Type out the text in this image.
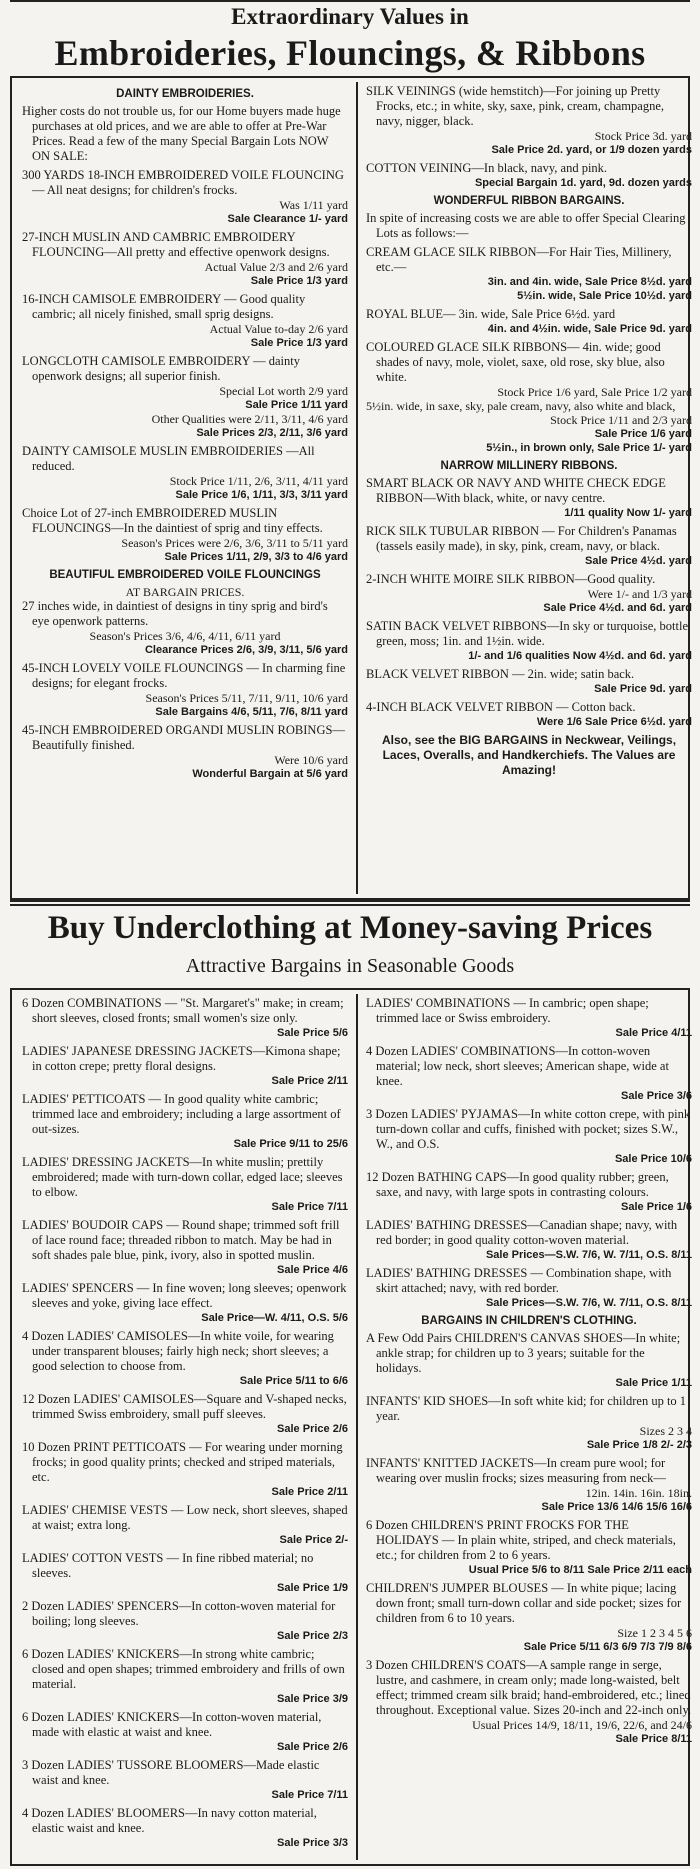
Extraordinary Values in
Embroideries, Flouncings, & Ribbons
DAINTY EMBROIDERIES.
Higher costs do not trouble us, for our Home buyers made huge purchases at old prices, and we are able to offer at Pre-War Prices. Read a few of the many Special Bargain Lots NOW ON SALE:
300 YARDS 18-INCH EMBROIDERED VOILE FLOUNCING — All neat designs; for children's frocks.
Was 1/11 yard
Sale Clearance 1/- yard
27-INCH MUSLIN AND CAMBRIC EMBROIDERY FLOUNCING—All pretty and effective openwork designs.
Actual Value 2/3 and 2/6 yard
Sale Price 1/3 yard
16-INCH CAMISOLE EMBROIDERY — Good quality cambric; all nicely finished, small sprig designs.
Actual Value to-day 2/6 yard
Sale Price 1/3 yard
LONGCLOTH CAMISOLE EMBROIDERY — dainty openwork designs; all superior finish.
Special Lot worth 2/9 yard
Sale Price 1/11 yard
Other Qualities were 2/11, 3/11, 4/6 yard
Sale Prices 2/3, 2/11, 3/6 yard
DAINTY CAMISOLE MUSLIN EMBROIDERIES —All reduced.
Stock Price 1/11, 2/6, 3/11, 4/11 yard
Sale Price 1/6, 1/11, 3/3, 3/11 yard
Choice Lot of 27-inch EMBROIDERED MUSLIN FLOUNCINGS—In the daintiest of sprig and tiny effects.
Season's Prices were 2/6, 3/6, 3/11 to 5/11 yard
Sale Prices 1/11, 2/9, 3/3 to 4/6 yard
BEAUTIFUL EMBROIDERED VOILE FLOUNCINGS
AT BARGAIN PRICES.
27 inches wide, in daintiest of designs in tiny sprig and bird's eye openwork patterns.
Season's Prices 3/6, 4/6, 4/11, 6/11 yard
Clearance Prices 2/6, 3/9, 3/11, 5/6 yard
45-INCH LOVELY VOILE FLOUNCINGS — In charming fine designs; for elegant frocks.
Season's Prices 5/11, 7/11, 9/11, 10/6 yard
Sale Bargains 4/6, 5/11, 7/6, 8/11 yard
45-INCH EMBROIDERED ORGANDI MUSLIN ROBINGS—Beautifully finished.
Were 10/6 yard
Wonderful Bargain at 5/6 yard
SILK VEININGS (wide hemstitch)—For joining up Pretty Frocks, etc.; in white, sky, saxe, pink, cream, champagne, navy, nigger, black.
Stock Price 3d. yard
Sale Price 2d. yard, or 1/9 dozen yards
COTTON VEINING—In black, navy, and pink.
Special Bargain 1d. yard, 9d. dozen yards
WONDERFUL RIBBON BARGAINS.
In spite of increasing costs we are able to offer Special Clearing Lots as follows:—
CREAM GLACE SILK RIBBON—For Hair Ties, Millinery, etc.—
3in. and 4in. wide, Sale Price 8½d. yard
5½in. wide, Sale Price 10½d. yard
ROYAL BLUE— 3in. wide, Sale Price 6½d. yard
4in. and 4½in. wide, Sale Price 9d. yard
COLOURED GLACE SILK RIBBONS— 4in. wide; good shades of navy, mole, violet, saxe, old rose, sky blue, also white.
Stock Price 1/6 yard, Sale Price 1/2 yard
5½in. wide, in saxe, sky, pale cream, navy, also white and black,
Stock Price 1/11 and 2/3 yard
Sale Price 1/6 yard
5½in., in brown only, Sale Price 1/- yard
NARROW MILLINERY RIBBONS.
SMART BLACK OR NAVY AND WHITE CHECK EDGE RIBBON—With black, white, or navy centre.
1/11 quality Now 1/- yard
RICK SILK TUBULAR RIBBON — For Children's Panamas (tassels easily made), in sky, pink, cream, navy, or black.
Sale Price 4½d. yard
2-INCH WHITE MOIRE SILK RIBBON—Good quality.
Were 1/- and 1/3 yard
Sale Price 4½d. and 6d. yard
SATIN BACK VELVET RIBBONS—In sky or turquoise, bottle green, moss; 1in. and 1½in. wide.
1/- and 1/6 qualities Now 4½d. and 6d. yard
BLACK VELVET RIBBON — 2in. wide; satin back.
Sale Price 9d. yard
4-INCH BLACK VELVET RIBBON — Cotton back.
Were 1/6 Sale Price 6½d. yard
Also, see the BIG BARGAINS in Neckwear, Veilings, Laces, Overalls, and Handkerchiefs. The Values are Amazing!
Buy Underclothing at Money-saving Prices
Attractive Bargains in Seasonable Goods
6 Dozen COMBINATIONS — "St. Margaret's" make; in cream; short sleeves, closed fronts; small women's size only.
Sale Price 5/6
LADIES' JAPANESE DRESSING JACKETS—Kimona shape; in cotton crepe; pretty floral designs.
Sale Price 2/11
LADIES' PETTICOATS — In good quality white cambric; trimmed lace and embroidery; including a large assortment of out-sizes.
Sale Price 9/11 to 25/6
LADIES' DRESSING JACKETS—In white muslin; prettily embroidered; made with turn-down collar, edged lace; sleeves to elbow.
Sale Price 7/11
LADIES' BOUDOIR CAPS — Round shape; trimmed soft frill of lace round face; threaded ribbon to match. May be had in soft shades pale blue, pink, ivory, also in spotted muslin.
Sale Price 4/6
LADIES' SPENCERS — In fine woven; long sleeves; openwork sleeves and yoke, giving lace effect.
Sale Price—W. 4/11, O.S. 5/6
4 Dozen LADIES' CAMISOLES—In white voile, for wearing under transparent blouses; fairly high neck; short sleeves; a good selection to choose from.
Sale Price 5/11 to 6/6
12 Dozen LADIES' CAMISOLES—Square and V-shaped necks, trimmed Swiss embroidery, small puff sleeves.
Sale Price 2/6
10 Dozen PRINT PETTICOATS — For wearing under morning frocks; in good quality prints; checked and striped materials, etc.
Sale Price 2/11
LADIES' CHEMISE VESTS — Low neck, short sleeves, shaped at waist; extra long.
Sale Price 2/-
LADIES' COTTON VESTS — In fine ribbed material; no sleeves.
Sale Price 1/9
2 Dozen LADIES' SPENCERS—In cotton-woven material for boiling; long sleeves.
Sale Price 2/3
6 Dozen LADIES' KNICKERS—In strong white cambric; closed and open shapes; trimmed embroidery and frills of own material.
Sale Price 3/9
6 Dozen LADIES' KNICKERS—In cotton-woven material, made with elastic at waist and knee.
Sale Price 2/6
3 Dozen LADIES' TUSSORE BLOOMERS—Made elastic waist and knee.
Sale Price 7/11
4 Dozen LADIES' BLOOMERS—In navy cotton material, elastic waist and knee.
Sale Price 3/3
LADIES' COMBINATIONS — In cambric; open shape; trimmed lace or Swiss embroidery.
Sale Price 4/11
4 Dozen LADIES' COMBINATIONS—In cotton-woven material; low neck, short sleeves; American shape, wide at knee.
Sale Price 3/6
3 Dozen LADIES' PYJAMAS—In white cotton crepe, with pink turn-down collar and cuffs, finished with pocket; sizes S.W., W., and O.S.
Sale Price 10/6
12 Dozen BATHING CAPS—In good quality rubber; green, saxe, and navy, with large spots in contrasting colours.
Sale Price 1/6
LADIES' BATHING DRESSES—Canadian shape; navy, with red border; in good quality cotton-woven material.
Sale Prices—S.W. 7/6, W. 7/11, O.S. 8/11
LADIES' BATHING DRESSES — Combination shape, with skirt attached; navy, with red border.
Sale Prices—S.W. 7/6, W. 7/11, O.S. 8/11
BARGAINS IN CHILDREN'S CLOTHING.
A Few Odd Pairs CHILDREN'S CANVAS SHOES—In white; ankle strap; for children up to 3 years; suitable for the holidays.
Sale Price 1/11
INFANTS' KID SHOES—In soft white kid; for children up to 1 year.
Sizes 2 3 4
Sale Price 1/8 2/- 2/3
INFANTS' KNITTED JACKETS—In cream pure wool; for wearing over muslin frocks; sizes measuring from neck—
12in. 14in. 16in. 18in.
Sale Price 13/6 14/6 15/6 16/6
6 Dozen CHILDREN'S PRINT FROCKS FOR THE HOLIDAYS — In plain white, striped, and check materials, etc.; for children from 2 to 6 years.
Usual Price 5/6 to 8/11 Sale Price 2/11 each
CHILDREN'S JUMPER BLOUSES — In white pique; lacing down front; small turn-down collar and side pocket; sizes for children from 6 to 10 years.
Size 1 2 3 4 5 6
Sale Price 5/11 6/3 6/9 7/3 7/9 8/6
3 Dozen CHILDREN'S COATS—A sample range in serge, lustre, and cashmere, in cream only; made long-waisted, belt effect; trimmed cream silk braid; hand-embroidered, etc.; lined throughout. Exceptional value. Sizes 20-inch and 22-inch only.
Usual Prices 14/9, 18/11, 19/6, 22/6, and 24/6
Sale Price 8/11
